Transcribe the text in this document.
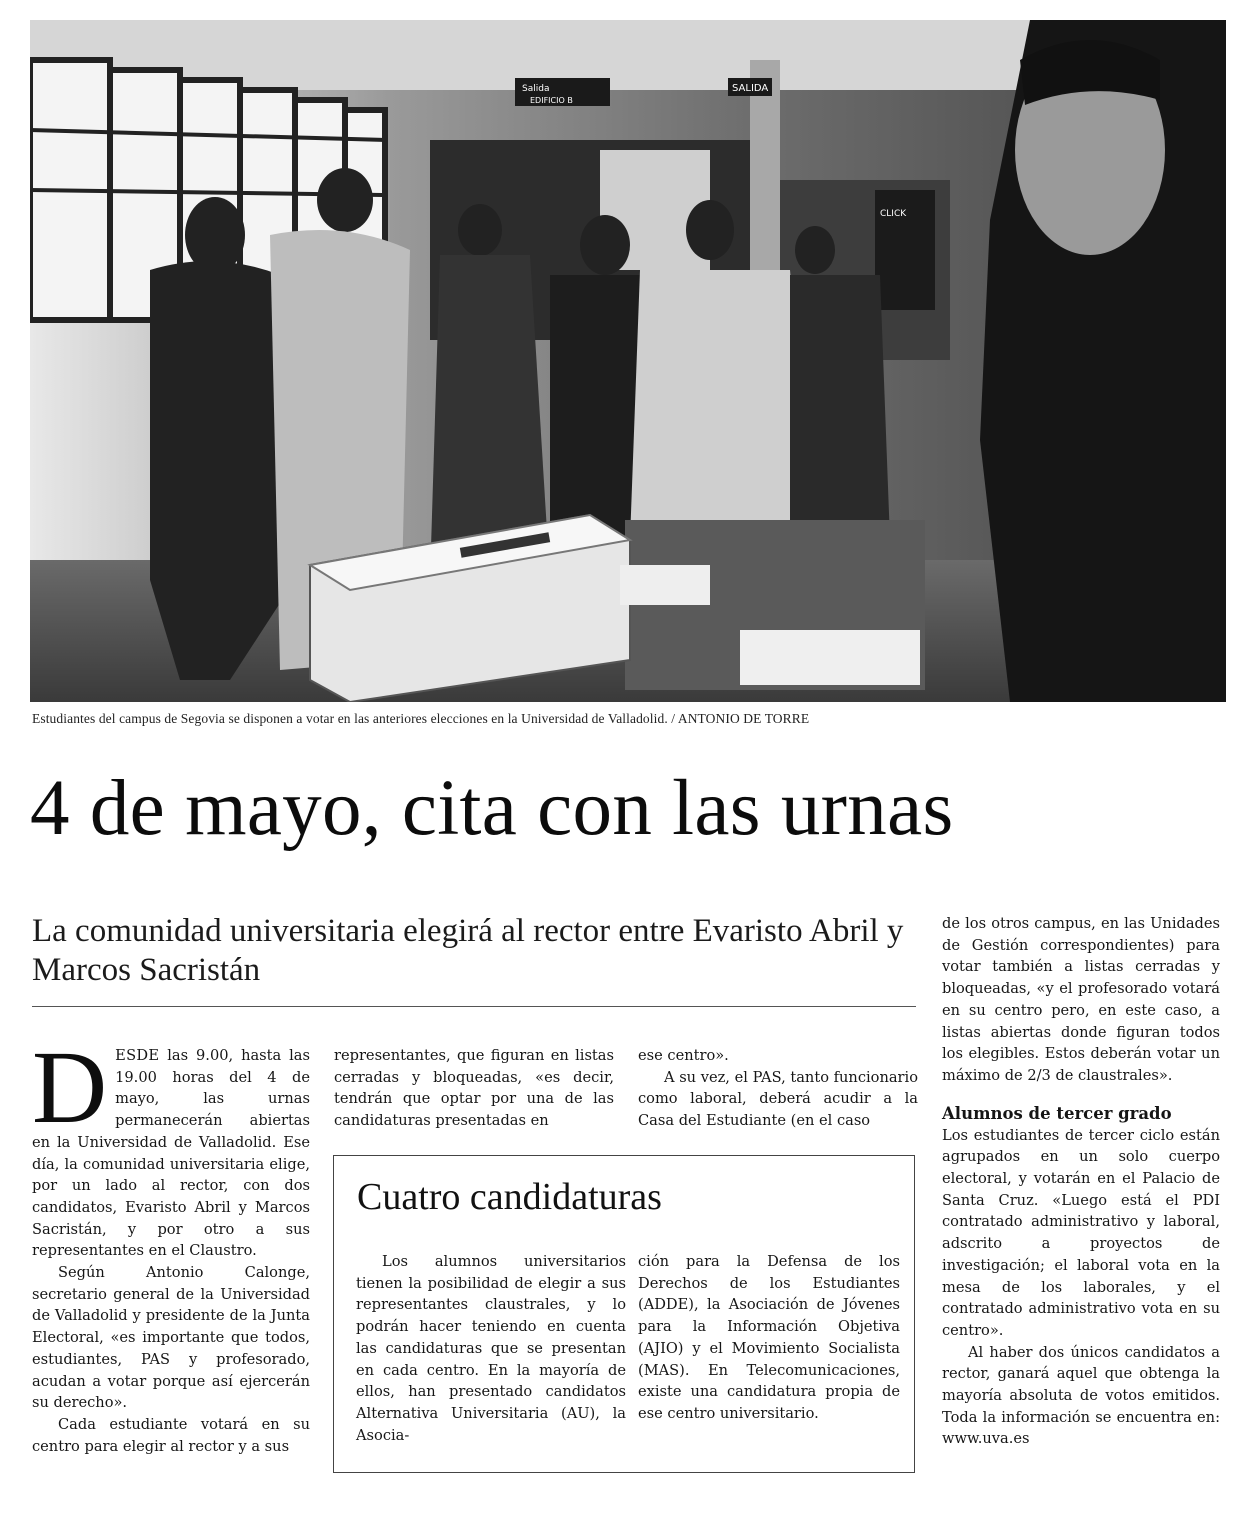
Salida
EDIFICIO B
SALIDA
CLICK
Estudiantes del campus de Segovia se disponen a votar en las anteriores elecciones en la Universidad de Valladolid. / ANTONIO DE TORRE
4 de mayo, cita con las urnas
La comunidad universitaria elegirá al rector entre Evaristo Abril y Marcos Sacristán

DESDE las 9.00, hasta las 19.00 horas del 4 de mayo, las urnas permanecerán abiertas en la Universidad de Valladolid. Ese día, la comunidad universitaria elige, por un lado al rector, con dos candidatos, Evaristo Abril y Marcos Sacristán, y por otro a sus representantes en el Claustro.

Según Antonio Calonge, secretario general de la Universidad de Valladolid y presidente de la Junta Electoral, «es importante que todos, estudiantes, PAS y profesorado, acudan a votar porque así ejercerán su derecho».

Cada estudiante votará en su centro para elegir al rector y a sus

representantes, que figuran en listas cerradas y bloqueadas, «es decir, tendrán que optar por una de las candidaturas presentadas en

ese centro».

A su vez, el PAS, tanto funcionario como laboral, deberá acudir a la Casa del Estudiante (en el caso

de los otros campus, en las Unidades de Gestión correspondientes) para votar también a listas cerradas y bloqueadas, «y el profesorado votará en su centro pero, en este caso, a listas abiertas donde figuran todos los elegibles. Estos deberán votar un máximo de 2/3 de claustrales».

Alumnos de tercer grado

Los estudiantes de tercer ciclo están agrupados en un solo cuerpo electoral, y votarán en el Palacio de Santa Cruz. «Luego está el PDI contratado administrativo y laboral, adscrito a proyectos de investigación; el laboral vota en la mesa de los laborales, y el contratado administrativo vota en su centro».

Al haber dos únicos candidatos a rector, ganará aquel que obtenga la mayoría absoluta de votos emitidos. Toda la información se encuentra en: www.uva.es

Cuatro candidaturas

Los alumnos universitarios tienen la posibilidad de elegir a sus representantes claustrales, y lo podrán hacer teniendo en cuenta las candidaturas que se presentan en cada centro. En la mayoría de ellos, han presentado candidatos Alternativa Universitaria (AU), la Asocia-

ción para la Defensa de los Derechos de los Estudiantes (ADDE), la Asociación de Jóvenes para la Información Objetiva (AJIO) y el Movimiento Socialista (MAS). En Telecomunicaciones, existe una candidatura propia de ese centro universitario.
